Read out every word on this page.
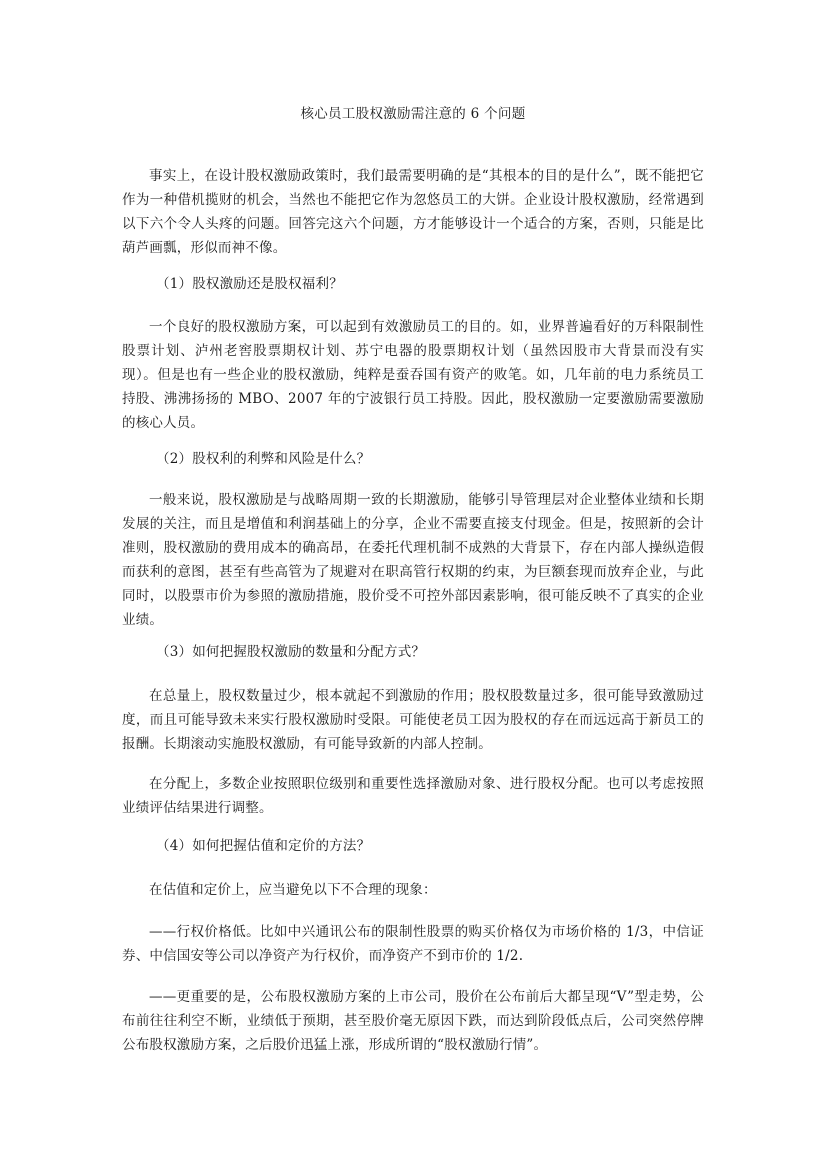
核心员工股权激励需注意的 6 个问题

事实上，在设计股权激励政策时，我们最需要明确的是“其根本的目的是什么”，既不能把它作为一种借机揽财的机会，当然也不能把它作为忽悠员工的大饼。企业设计股权激励，经常遇到以下六个令人头疼的问题。回答完这六个问题，方才能够设计一个适合的方案，否则，只能是比葫芦画瓢，形似而神不像。

（1）股权激励还是股权福利？

一个良好的股权激励方案，可以起到有效激励员工的目的。如，业界普遍看好的万科限制性股票计划、泸州老窖股票期权计划、苏宁电器的股票期权计划（虽然因股市大背景而没有实现）。但是也有一些企业的股权激励，纯粹是蚕吞国有资产的败笔。如，几年前的电力系统员工持股、沸沸扬扬的 MBO、2007 年的宁波银行员工持股。因此，股权激励一定要激励需要激励的核心人员。

（2）股权利的利弊和风险是什么？

一般来说，股权激励是与战略周期一致的长期激励，能够引导管理层对企业整体业绩和长期发展的关注，而且是增值和利润基础上的分享，企业不需要直接支付现金。但是，按照新的会计准则，股权激励的费用成本的确高昂，在委托代理机制不成熟的大背景下，存在内部人操纵造假而获利的意图，甚至有些高管为了规避对在职高管行权期的约束，为巨额套现而放弃企业，与此同时，以股票市价为参照的激励措施，股价受不可控外部因素影响，很可能反映不了真实的企业业绩。

（3）如何把握股权激励的数量和分配方式？

在总量上，股权数量过少，根本就起不到激励的作用；股权股数量过多，很可能导致激励过度，而且可能导致未来实行股权激励时受限。可能使老员工因为股权的存在而远远高于新员工的报酬。长期滚动实施股权激励，有可能导致新的内部人控制。

在分配上，多数企业按照职位级别和重要性选择激励对象、进行股权分配。也可以考虑按照业绩评估结果进行调整。

（4）如何把握估值和定价的方法？

在估值和定价上，应当避免以下不合理的现象：

——行权价格低。比如中兴通讯公布的限制性股票的购买价格仅为市场价格的 1/3，中信证券、中信国安等公司以净资产为行权价，而净资产不到市价的 1/2.

——更重要的是，公布股权激励方案的上市公司，股价在公布前后大都呈现“V”型走势，公布前往往利空不断，业绩低于预期，甚至股价毫无原因下跌，而达到阶段低点后，公司突然停牌公布股权激励方案，之后股价迅猛上涨，形成所谓的“股权激励行情”。
